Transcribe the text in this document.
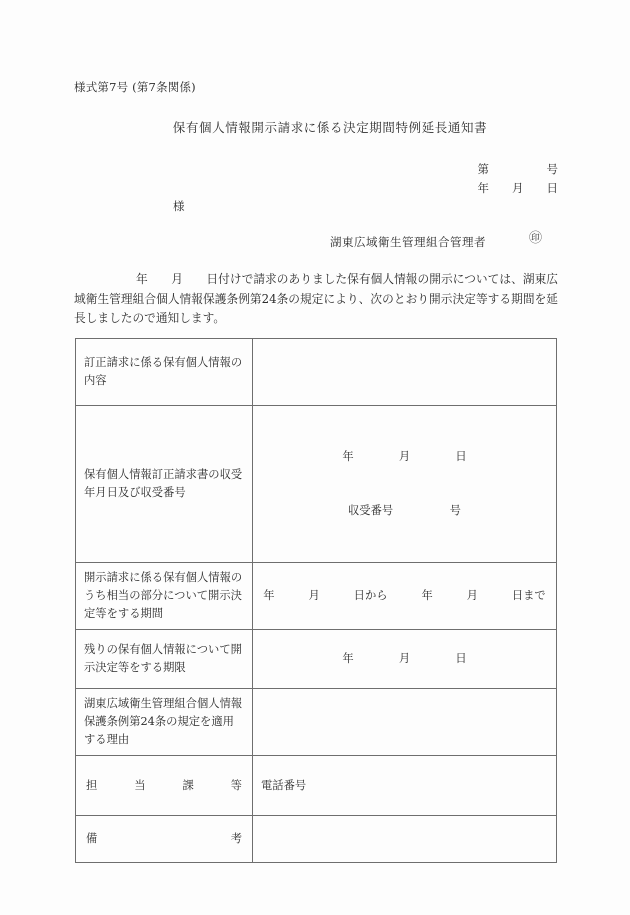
様式第7号 (第7条関係)
保有個人情報開示請求に係る決定期間特例延長通知書
第　　　　　号
年　　月　　日
様
湖東広域衛生管理組合管理者	㊞
年　　月　　日付けで請求のありました保有個人情報の開示については、湖東広域衛生管理組合個人情報保護条例第24条の規定により、次のとおり開示決定等する期間を延長しましたので通知します。
訂正請求に係る保有個人情報の内容	
保有個人情報訂正請求書の収受年月日及び収受番号	年　　　　月　　　　日

収受番号　　　　　号

開示請求に係る保有個人情報のうち相当の部分について開示決定等をする期間	年　　　月　　　日から　　　年　　　月　　　日まで
残りの保有個人情報について開示決定等をする期限	年　　　　月　　　　日
湖東広域衛生管理組合個人情報保護条例第24条の規定を適用する理由	

担 当 課 等	電話番号

備 考	
